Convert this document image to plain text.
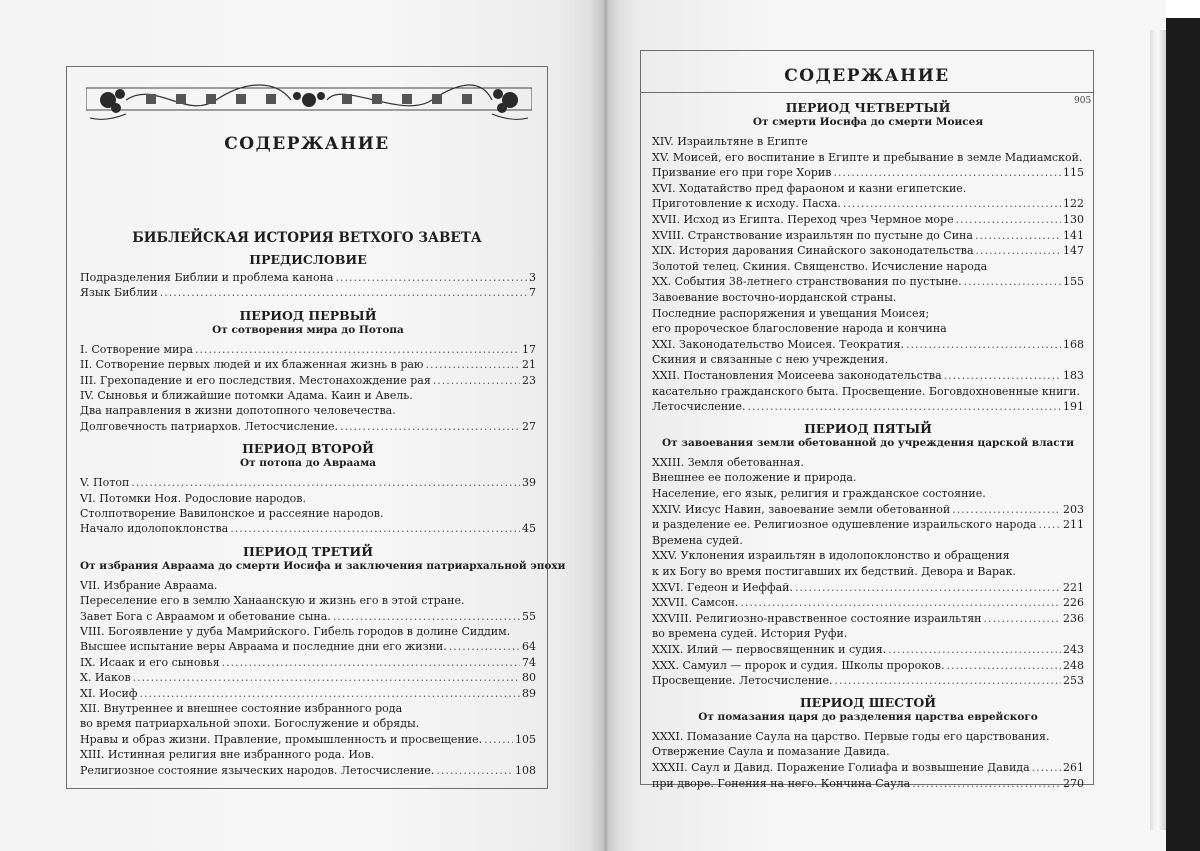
СОДЕРЖАНИЕ
БИБЛЕЙСКАЯ ИСТОРИЯ ВЕТХОГО ЗАВЕТА
ПРЕДИСЛОВИЕ
Подразделения Библии и проблема канона .....	3
Язык Библии .....	7
ПЕРИОД ПЕРВЫЙ
От сотворения мира до Потопа
I. Сотворение мира .....	17
II. Сотворение первых людей и их блаженная жизнь в раю .....	21
III. Грехопадение и его последствия. Местонахождение рая .....	23
IV. Сыновья и ближайшие потомки Адама. Каин и Авель.
Два направления в жизни допотопного человечества.
Долговечность патриархов. Летосчисление. .....	27
ПЕРИОД ВТОРОЙ
От потопа до Авраама
V. Потоп .....	39
VI. Потомки Ноя. Родословие народов.
Столпотворение Вавилонское и рассеяние народов.
Начало идолопоклонства .....	45
ПЕРИОД ТРЕТИЙ
От избрания Авраама до смерти Иосифа и заключения патриархальной эпохи
VII. Избрание Авраама.
Переселение его в землю Ханаанскую и жизнь его в этой стране.
Завет Бога с Авраамом и обетование сына. .....	55
VIII. Богоявление у дуба Мамрийского. Гибель городов в долине Сиддим.
Высшее испытание веры Авраама и последние дни его жизни. .....	64
IX. Исаак и его сыновья .....	74
X. Иаков .....	80
XI. Иосиф .....	89
XII. Внутреннее и внешнее состояние избранного рода
во время патриархальной эпохи. Богослужение и обряды.
Нравы и образ жизни. Правление, промышленность и просвещение. .....	105
XIII. Истинная религия вне избранного рода. Иов.
Религиозное состояние языческих народов. Летосчисление. .....	108
СОДЕРЖАНИЕ
905
ПЕРИОД ЧЕТВЕРТЫЙ
От смерти Иосифа до смерти Моисея
XIV. Израильтяне в Египте
XV. Моисей, его воспитание в Египте и пребывание в земле Мадиамской.
Призвание его при горе Хорив .....	115
XVI. Ходатайство пред фараоном и казни египетские.
Приготовление к исходу. Пасха. .....	122
XVII. Исход из Египта. Переход чрез Чермное море .....	130
XVIII. Странствование израильтян по пустыне до Сина .....	141
XIX. История дарования Синайского законодательства .....	147
Золотой телец. Скиния. Священство. Исчисление народа
XX. События 38-летнего странствования по пустыне. .....	155
Завоевание восточно-иорданской страны.
Последние распоряжения и увещания Моисея;
его пророческое благословение народа и кончина
XXI. Законодательство Моисея. Теократия. .....	168
Скиния и связанные с нею учреждения.
XXII. Постановления Моисеева законодательства .....	183
касательно гражданского быта. Просвещение. Боговдохновенные книги.
Летосчисление. .....	191
ПЕРИОД ПЯТЫЙ
От завоевания земли обетованной до учреждения царской власти
XXIII. Земля обетованная.
Внешнее ее положение и природа.
Население, его язык, религия и гражданское состояние.
XXIV. Иисус Навин, завоевание земли обетованной .....	203
и разделение ее. Религиозное одушевление израильского народа ..... 211
Времена судей.
XXV. Уклонения израильтян в идолопоклонство и обращения
к их Богу во время постигавших их бедствий. Девора и Варак.
XXVI. Гедеон и Иеффай. .....	221
XXVII. Самсон. .....	226
XXVIII. Религиозно-нравственное состояние израильтян .....	236
во времена судей. История Руфи.
XXIX. Илий — первосвященник и судия. .....	243
XXX. Самуил — пророк и судия. Школы пророков. .....	248
Просвещение. Летосчисление. .....	253
ПЕРИОД ШЕСТОЙ
От помазания царя до разделения царства еврейского
XXXI. Помазание Саула на царство. Первые годы его царствования.
Отвержение Саула и помазание Давида.
XXXII. Саул и Давид. Поражение Голиафа и возвышение Давида .....	261
при дворе. Гонения на него. Кончина Саула .....	270
